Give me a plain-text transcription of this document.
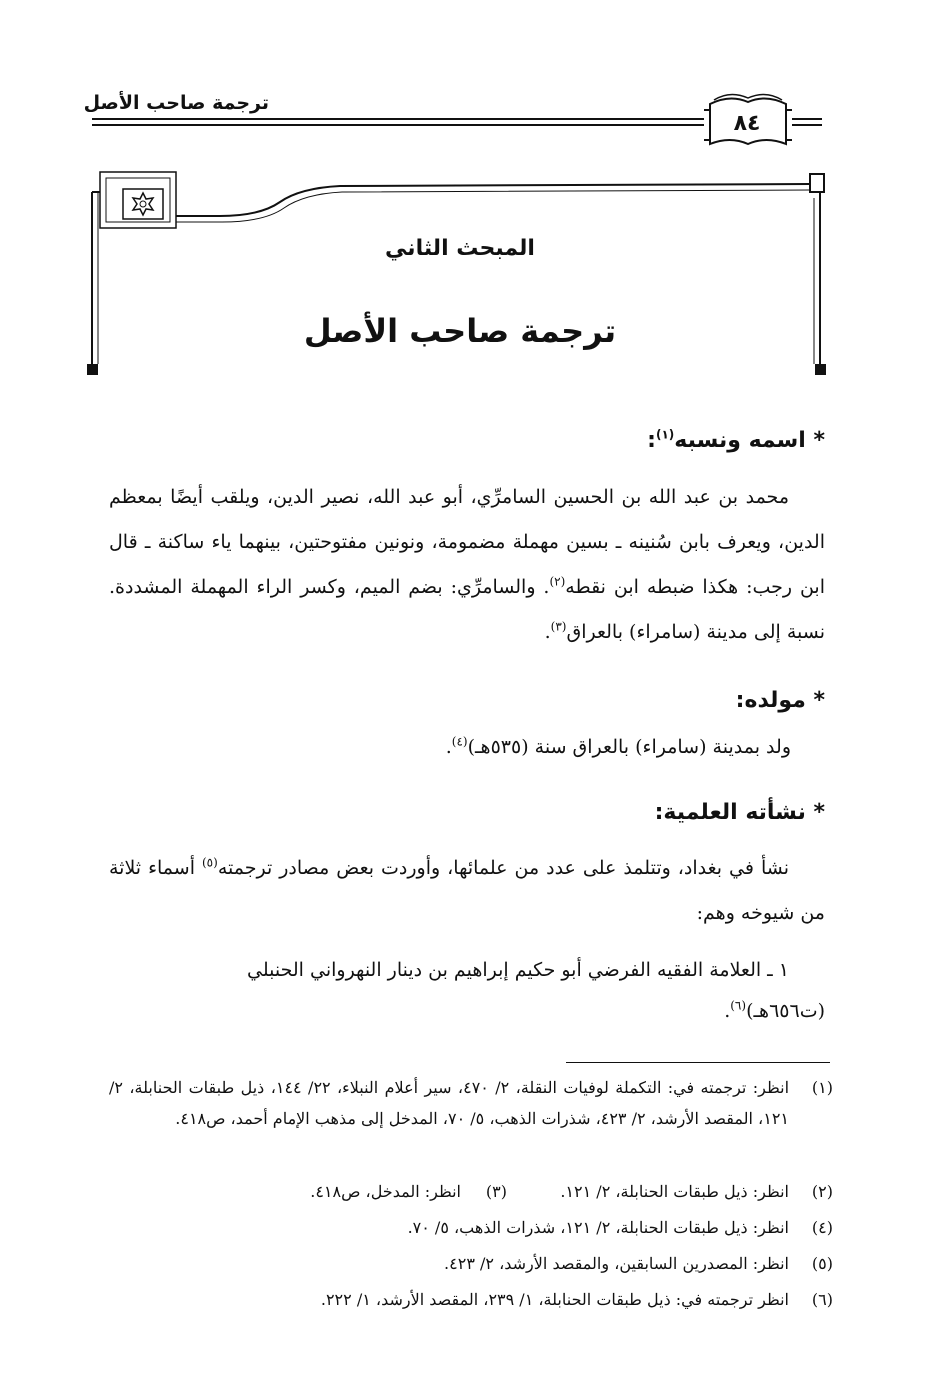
ترجمة صاحب الأصل
٨٤
المبحث الثاني
ترجمة صاحب الأصل
* اسمه ونسبه$^{(١)}$:
محمد بن عبد الله بن الحسين السامرِّي، أبو عبد الله، نصير الدين، ويلقب أيضًا بمعظم الدين، ويعرف بابن سُنينه ـ بسين مهملة مضمومة، ونونين مفتوحتين، بينهما ياء ساكنة ـ قال ابن رجب: هكذا ضبطه ابن نقطه$^{(٢)}$. والسامرِّي: بضم الميم، وكسر الراء المهملة المشددة. نسبة إلى مدينة (سامراء) بالعراق$^{(٣)}$.
* مولده:
ولد بمدينة (سامراء) بالعراق سنة (٥٣٥هـ)$^{(٤)}$.
* نشأته العلمية:
نشأ في بغداد، وتتلمذ على عدد من علمائها، وأوردت بعض مصادر ترجمته$^{(٥)}$ أسماء ثلاثة من شيوخه وهم:
١ ـ العلامة الفقيه الفرضي أبو حكيم إبراهيم بن دينار النهرواني الحنبلي
(ت٦٥٦هـ)$^{(٦)}$.
(١)
انظر: ترجمته في: التكملة لوفيات النقلة، ٢/ ٤٧٠، سير أعلام النبلاء، ٢٢/ ١٤٤، ذيل طبقات الحنابلة، ٢/ ١٢١، المقصد الأرشد، ٢/ ٤٢٣، شذرات الذهب، ٥/ ٧٠، المدخل إلى مذهب الإمام أحمد، ص٤١٨.
(٢)
انظر: ذيل طبقات الحنابلة، ٢/ ١٢١.
(٣)
انظر: المدخل، ص٤١٨.
(٤)
انظر: ذيل طبقات الحنابلة، ٢/ ١٢١، شذرات الذهب، ٥/ ٧٠.
(٥)
انظر: المصدرين السابقين، والمقصد الأرشد، ٢/ ٤٢٣.
(٦)
انظر ترجمته في: ذيل طبقات الحنابلة، ١/ ٢٣٩، المقصد الأرشد، ١/ ٢٢٢.
